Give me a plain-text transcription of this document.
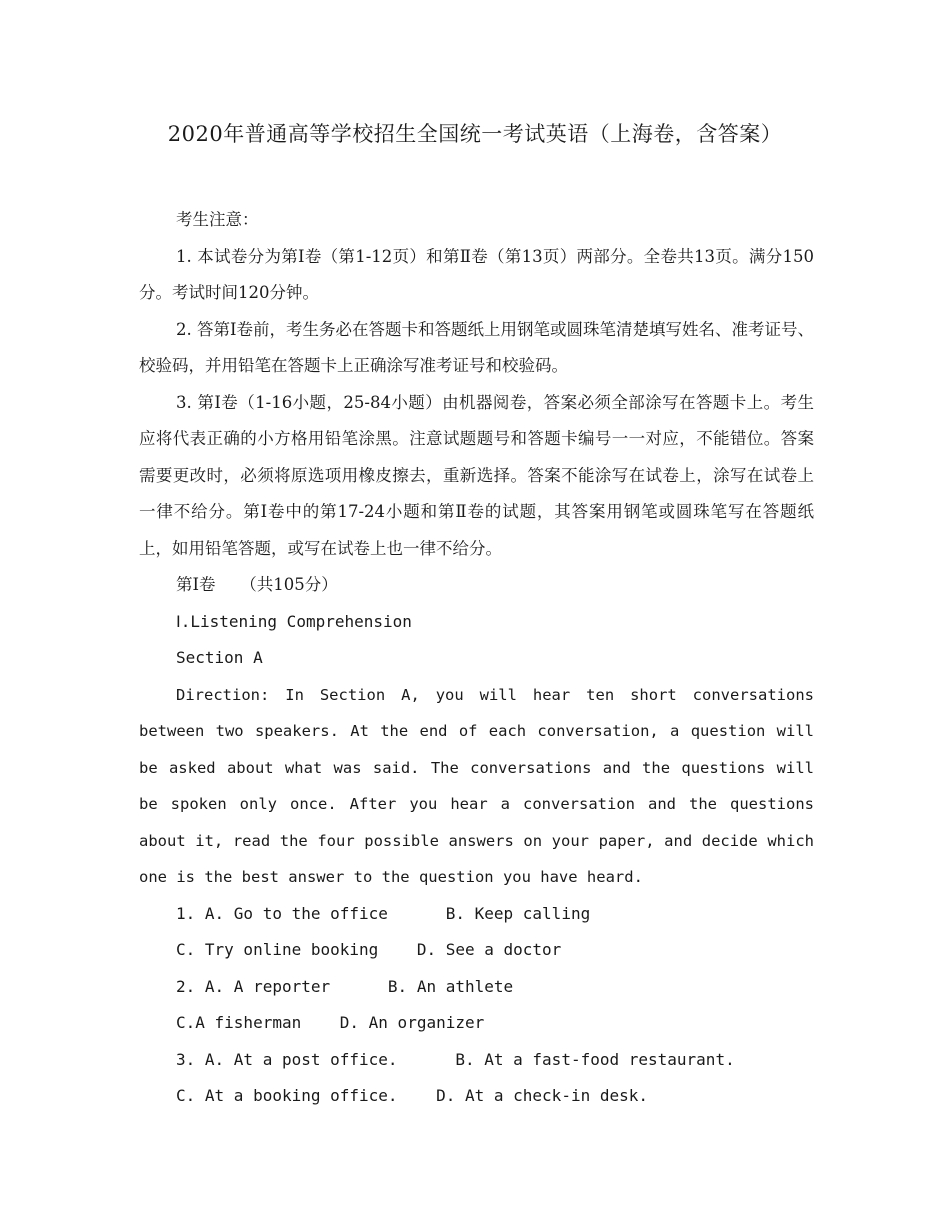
2020年普通高等学校招生全国统一考试英语（上海卷，含答案）

考生注意：

1. 本试卷分为第Ⅰ卷（第1-12页）和第Ⅱ卷（第13页）两部分。全卷共13页。满分150分。考试时间120分钟。

2. 答第Ⅰ卷前，考生务必在答题卡和答题纸上用钢笔或圆珠笔清楚填写姓名、准考证号、校验码，并用铅笔在答题卡上正确涂写准考证号和校验码。

3. 第Ⅰ卷（1-16小题，25-84小题）由机器阅卷，答案必须全部涂写在答题卡上。考生应将代表正确的小方格用铅笔涂黑。注意试题题号和答题卡编号一一对应，不能错位。答案需要更改时，必须将原选项用橡皮擦去，重新选择。答案不能涂写在试卷上，涂写在试卷上一律不给分。第Ⅰ卷中的第17-24小题和第Ⅱ卷的试题，其答案用钢笔或圆珠笔写在答题纸上，如用铅笔答题，或写在试卷上也一律不给分。

第Ⅰ卷　　（共105分）

Ⅰ.Listening Comprehension

Section A

Direction: In Section A, you will hear ten short conversations between two speakers. At the end of each conversation, a question will be asked about what was said. The conversations and the questions will be spoken only once. After you hear a conversation and the questions about it, read the four possible answers on your paper, and decide which one is the best answer to the question you have heard.

1. A. Go to the office      B. Keep calling

C. Try online booking    D. See a doctor

2. A. A reporter      B. An athlete

C.A fisherman    D. An organizer

3. A. At a post office.      B. At a fast-food restaurant.

C. At a booking office.    D. At a check-in desk.
